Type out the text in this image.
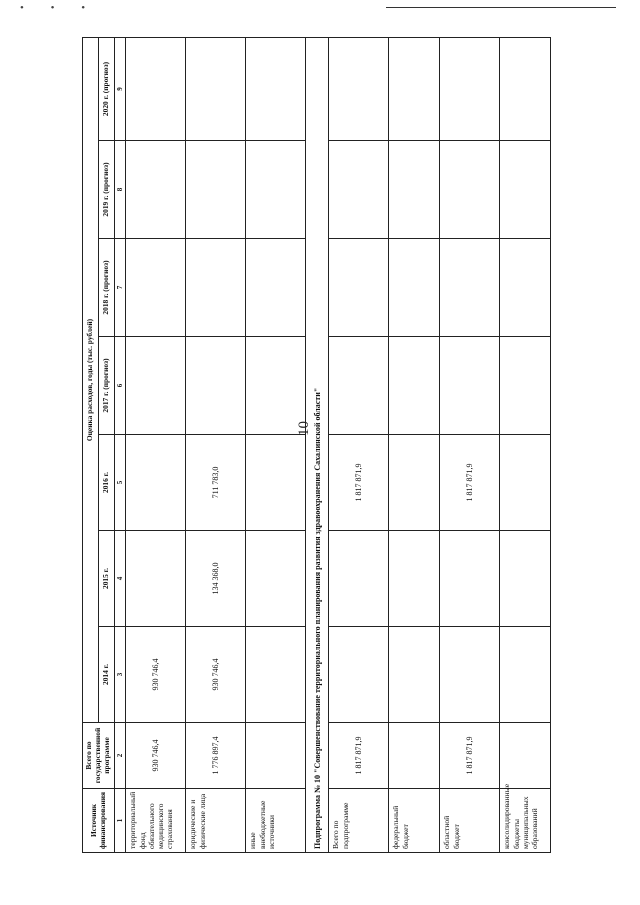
• • •
10
Источник финансирования	Всего по государственной программе	Оценка расходов, годы (тыс. рублей)						
		2014 г.	2015 г.	2016 г.	2017 г. (прогноз)	2018 г. (прогноз)	2019 г. (прогноз)	2020 г. (прогноз)
1	2	3	4	5	6	7	8	9
территориальный фонд обязательного медицинского страхования	930 746,4	930 746,4						
юридические и физические лица	1 776 897,4	930 746,4	134 368,0	711 783,0				
иные внебюджетные источники								
Подпрограмма № 10 "Совершенствование территориального планирования развития здравоохранения Сахалинской области"								
Всего по подпрограмме	1 817 871,9			1 817 871,9				
федеральный бюджет								
областной бюджет	1 817 871,9			1 817 871,9				
консолидированные бюджеты муниципальных образований								
